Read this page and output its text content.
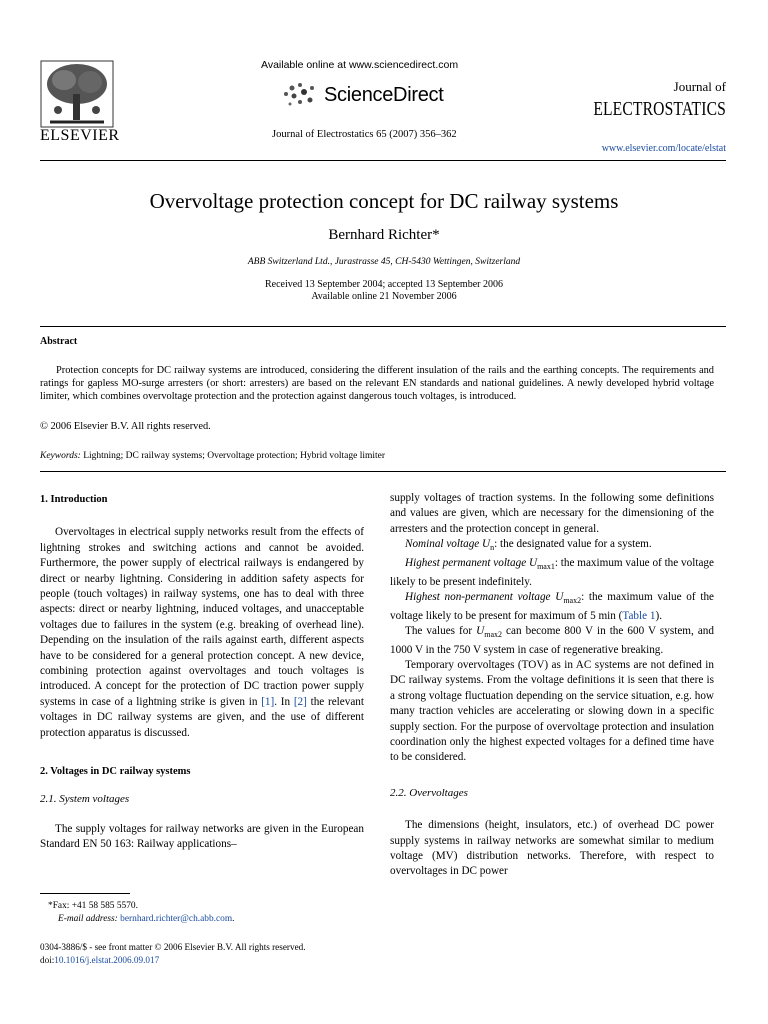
ELSEVIER
Available online at www.sciencedirect.com
ScienceDirect
Journal of Electrostatics 65 (2007) 356–362
Journal of
ELECTROSTATICS
www.elsevier.com/locate/elstat
Overvoltage protection concept for DC railway systems
Bernhard Richter*
ABB Switzerland Ltd., Jurastrasse 45, CH-5430 Wettingen, Switzerland
Received 13 September 2004; accepted 13 September 2006
Available online 21 November 2006
Abstract

Protection concepts for DC railway systems are introduced, considering the different insulation of the rails and the earthing concepts. The requirements and ratings for gapless MO-surge arresters (or short: arresters) are based on the relevant EN standards and national guidelines. A newly developed hybrid voltage limiter, which combines overvoltage protection and the protection against dangerous touch voltages, is introduced.

© 2006 Elsevier B.V. All rights reserved.
Keywords: Lightning; DC railway systems; Overvoltage protection; Hybrid voltage limiter
1. Introduction

Overvoltages in electrical supply networks result from the effects of lightning strokes and switching actions and cannot be avoided. Furthermore, the power supply of electrical railways is endangered by direct or nearby lightning. Considering in addition safety aspects for people (touch voltages) in railway systems, one has to deal with three aspects: direct or nearby lightning, induced voltages, and unacceptable voltages due to failures in the system (e.g. breaking of overhead line). Depending on the insulation of the rails against earth, different aspects have to be considered for a general protection concept. A new device, combining protection against overvoltages and touch voltages is introduced. A concept for the protection of DC traction power supply systems in case of a lightning strike is given in [1]. In [2] the relevant voltages in DC railway systems are given, and the use of different protection apparatus is discussed.

2. Voltages in DC railway systems
2.1. System voltages

The supply voltages for railway networks are given in the European Standard EN 50 163: Railway applications–

*Fax: +41 58 585 5570.
E-mail address: bernhard.richter@ch.abb.com.
0304-3886/$ - see front matter © 2006 Elsevier B.V. All rights reserved.
doi:10.1016/j.elstat.2006.09.017

supply voltages of traction systems. In the following some definitions and values are given, which are necessary for the dimensioning of the arresters and the protection concept in general.

Nominal voltage $U_n$: the designated value for a system.

Highest permanent voltage $U_{max1}$: the maximum value of the voltage likely to be present indefinitely.

Highest non-permanent voltage $U_{max2}$: the maximum value of the voltage likely to be present for maximum of 5 min (Table 1).

The values for $U_{max2}$ can become 800 V in the 600 V system, and 1000 V in the 750 V system in case of regenerative breaking.

Temporary overvoltages (TOV) as in AC systems are not defined in DC railway systems. From the voltage definitions it is seen that there is a strong voltage fluctuation depending on the service situation, e.g. how many traction vehicles are accelerating or slowing down in a specific supply section. For the purpose of overvoltage protection and insulation coordination only the highest expected voltages for a defined time have to be considered.

2.2. Overvoltages

The dimensions (height, insulators, etc.) of overhead DC power supply systems in railway networks are somewhat similar to medium voltage (MV) distribution networks. Therefore, with respect to overvoltages in DC power
